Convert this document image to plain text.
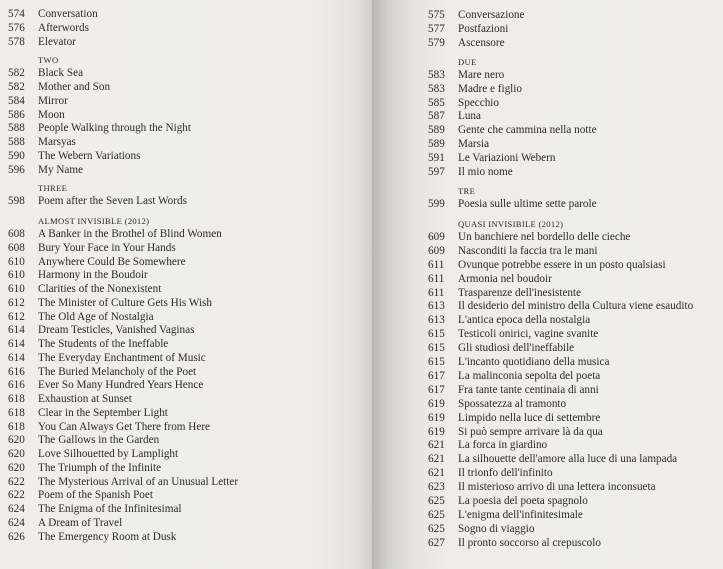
574	Conversation
576	Afterwords
578	Elevator
TWO
582	Black Sea
582	Mother and Son
584	Mirror
586	Moon
588	People Walking through the Night
588	Marsyas
590	The Webern Variations
596	My Name
THREE
598	Poem after the Seven Last Words
ALMOST INVISIBLE (2012)
608	A Banker in the Brothel of Blind Women
608	Bury Your Face in Your Hands
610	Anywhere Could Be Somewhere
610	Harmony in the Boudoir
610	Clarities of the Nonexistent
612	The Minister of Culture Gets His Wish
612	The Old Age of Nostalgia
614	Dream Testicles, Vanished Vaginas
614	The Students of the Ineffable
614	The Everyday Enchantment of Music
616	The Buried Melancholy of the Poet
616	Ever So Many Hundred Years Hence
618	Exhaustion at Sunset
618	Clear in the September Light
618	You Can Always Get There from Here
620	The Gallows in the Garden
620	Love Silhouetted by Lamplight
620	The Triumph of the Infinite
622	The Mysterious Arrival of an Unusual Letter
622	Poem of the Spanish Poet
624	The Enigma of the Infinitesimal
624	A Dream of Travel
626	The Emergency Room at Dusk
575	Conversazione
577	Postfazioni
579	Ascensore
DUE
583	Mare nero
583	Madre e figlio
585	Specchio
587	Luna
589	Gente che cammina nella notte
589	Marsia
591	Le Variazioni Webern
597	Il mio nome
TRE
599	Poesia sulle ultime sette parole
QUASI INVISIBILE (2012)
609	Un banchiere nel bordello delle cieche
609	Nasconditi la faccia tra le mani
611	Ovunque potrebbe essere in un posto qualsiasi
611	Armonia nel boudoir
611	Trasparenze dell'inesistente
613	Il desiderio del ministro della Cultura viene esaudito
613	L'antica epoca della nostalgia
615	Testicoli onirici, vagine svanite
615	Gli studiosi dell'ineffabile
615	L'incanto quotidiano della musica
617	La malinconia sepolta del poeta
617	Fra tante tante centinaia di anni
619	Spossatezza al tramonto
619	Limpido nella luce di settembre
619	Si può sempre arrivare là da qua
621	La forca in giardino
621	La silhouette dell'amore alla luce di una lampada
621	Il trionfo dell'infinito
623	Il misterioso arrivo di una lettera inconsueta
625	La poesia del poeta spagnolo
625	L'enigma dell'infinitesimale
625	Sogno di viaggio
627	Il pronto soccorso al crepuscolo
